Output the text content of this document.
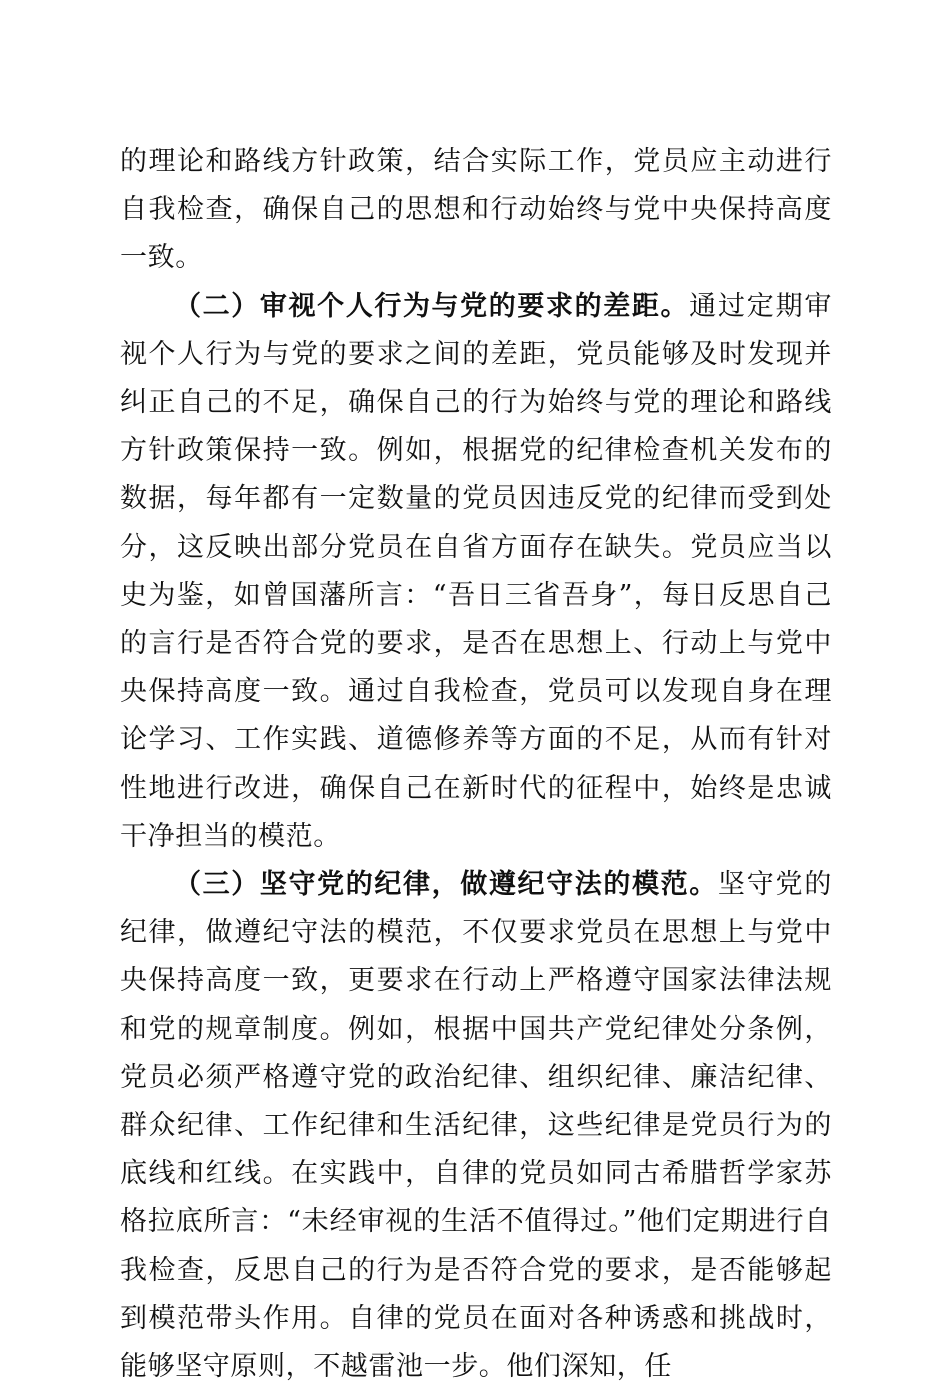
的理论和路线方针政策，结合实际工作，党员应主动进行自我检查，确保自己的思想和行动始终与党中央保持高度一致。

（二）审视个人行为与党的要求的差距。通过定期审视个人行为与党的要求之间的差距，党员能够及时发现并纠正自己的不足，确保自己的行为始终与党的理论和路线方针政策保持一致。例如，根据党的纪律检查机关发布的数据，每年都有一定数量的党员因违反党的纪律而受到处分，这反映出部分党员在自省方面存在缺失。党员应当以史为鉴，如曾国藩所言：“吾日三省吾身”，每日反思自己的言行是否符合党的要求，是否在思想上、行动上与党中央保持高度一致。通过自我检查，党员可以发现自身在理论学习、工作实践、道德修养等方面的不足，从而有针对性地进行改进，确保自己在新时代的征程中，始终是忠诚干净担当的模范。

（三）坚守党的纪律，做遵纪守法的模范。坚守党的纪律，做遵纪守法的模范，不仅要求党员在思想上与党中央保持高度一致，更要求在行动上严格遵守国家法律法规和党的规章制度。例如，根据中国共产党纪律处分条例，党员必须严格遵守党的政治纪律、组织纪律、廉洁纪律、群众纪律、工作纪律和生活纪律，这些纪律是党员行为的底线和红线。在实践中，自律的党员如同古希腊哲学家苏格拉底所言：“未经审视的生活不值得过。”他们定期进行自我检查，反思自己的行为是否符合党的要求，是否能够起到模范带头作用。自律的党员在面对各种诱惑和挑战时，能够坚守原则，不越雷池一步。他们深知，任
